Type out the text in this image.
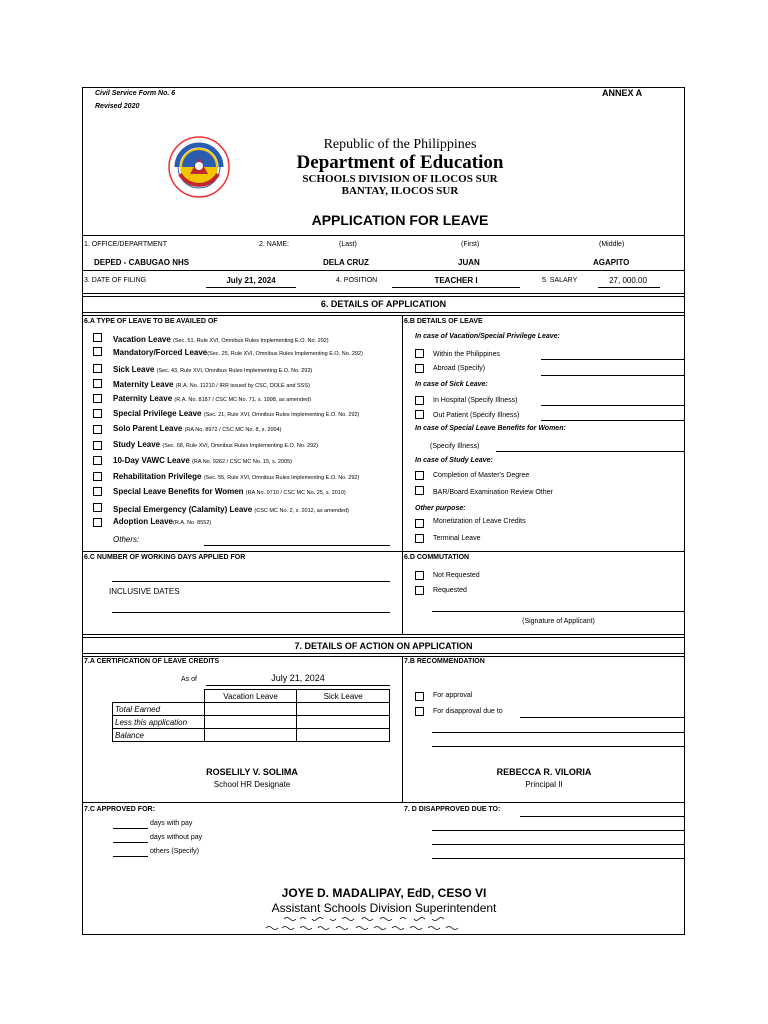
Civil Service Form No. 6
Revised 2020
ANNEX A
Republic of the Philippines
Department of Education
SCHOOLS DIVISION OF ILOCOS SUR
BANTAY, ILOCOS SUR
APPLICATION FOR LEAVE
1. OFFICE/DEPARTMENT	2. NAME:	(Last)	(First)	(Middle)
DEPED - CABUGAO NHS	DELA CRUZ	JUAN	AGAPITO
3. DATE OF FILING	July 21, 2024	4. POSITION	TEACHER I	5. SALARY	27, 000.00
6. DETAILS OF APPLICATION
6.A TYPE OF LEAVE TO BE AVAILED OF	6.B DETAILS OF LEAVE
Vacation Leave (Sec. 51, Rule XVI, Omnibus Rules Implementing E.O. No. 292)
Mandatory/Forced Leave(Sec. 25, Rule XVI, Omnibus Rules Implementing E.O. No. 292)
Sick Leave (Sec. 43, Rule XVI, Omnibus Rules Implementing E.O. No. 292)
Maternity Leave (R.A. No. 11210 / IRR issued by CSC, DOLE and SSS)
Paternity Leave (R.A. No. 8187 / CSC MC No. 71, s. 1998, as amended)
Special Privilege Leave (Sec. 21, Rule XVI, Omnibus Rules Implementing E.O. No. 292)
Solo Parent Leave (RA No. 8972 / CSC MC No. 8, s. 2004)
Study Leave (Sec. 68, Rule XVI, Omnibus Rules Implementing E.O. No. 292)
10-Day VAWC Leave (RA No. 9262 / CSC MC No. 15, s. 2005)
Rehabilitation Privilege (Sec. 55, Rule XVI, Omnibus Rules Implementing E.O. No. 292)
Special Leave Benefits for Women (RA No. 9710 / CSC MC No. 25, s. 2010)
Special Emergency (Calamity) Leave (CSC MC No. 2, s. 2012, as amended)
Adoption Leave(R.A. No. 8552)
Others:
In case of Vacation/Special Privilege Leave:
Within the Philippines
Abroad (Specify)
In case of Sick Leave:
In Hospital (Specify Illness)
Out Patient (Specify Illness)
In case of Special Leave Benefits for Women:
(Specify Illness)
In case of Study Leave:
Completion of Master's Degree
BAR/Board Examination Review Other
Other purpose:
Monetization of Leave Credits
Terminal Leave
6.C NUMBER OF WORKING DAYS APPLIED FOR
INCLUSIVE DATES
6.D COMMUTATION
Not Requested
Requested
(Signature of Applicant)
7. DETAILS OF ACTION ON APPLICATION
7.A CERTIFICATION OF LEAVE CREDITS
As of	July 21, 2024
	Vacation Leave	Sick Leave
Total Earned		
Less this application		
Balance		
ROSELILY V. SOLIMA
School HR Designate
7.B RECOMMENDATION
For approval
For disapproval due to
REBECCA R. VILORIA
Principal II
7.C APPROVED FOR:
days with pay
days without pay
others (Specify)
7. D DISAPPROVED DUE TO:
JOYE D. MADALIPAY, EdD, CESO VI
Assistant Schools Division Superintendent
